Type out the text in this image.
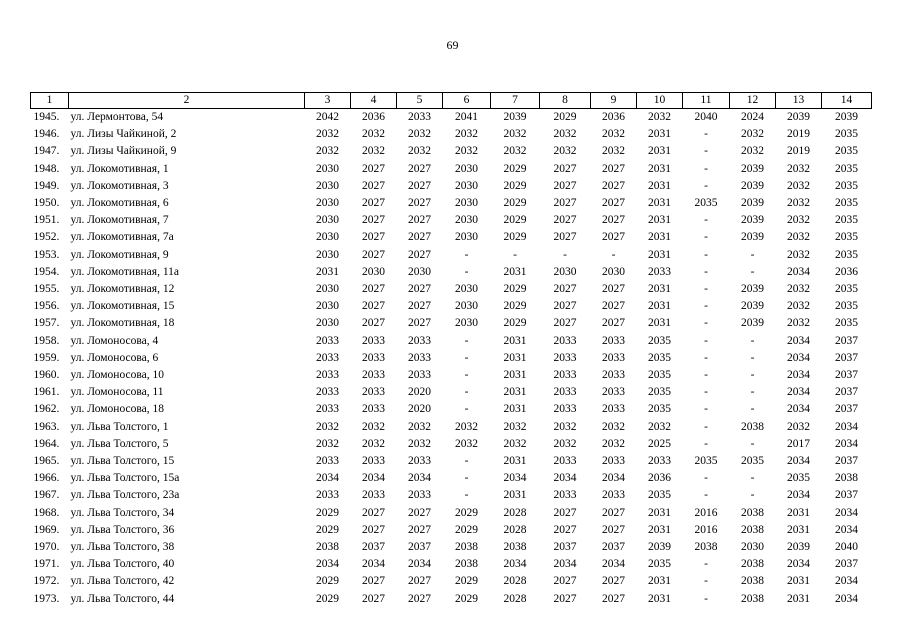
69
1	2	3	4	5	6	7	8	9	10	11	12	13	14
1945.	ул. Лермонтова, 54	2042	2036	2033	2041	2039	2029	2036	2032	2040	2024	2039	2039
1946.	ул. Лизы Чайкиной, 2	2032	2032	2032	2032	2032	2032	2032	2031	-	2032	2019	2035
1947.	ул. Лизы Чайкиной, 9	2032	2032	2032	2032	2032	2032	2032	2031	-	2032	2019	2035
1948.	ул. Локомотивная, 1	2030	2027	2027	2030	2029	2027	2027	2031	-	2039	2032	2035
1949.	ул. Локомотивная, 3	2030	2027	2027	2030	2029	2027	2027	2031	-	2039	2032	2035
1950.	ул. Локомотивная, 6	2030	2027	2027	2030	2029	2027	2027	2031	2035	2039	2032	2035
1951.	ул. Локомотивная, 7	2030	2027	2027	2030	2029	2027	2027	2031	-	2039	2032	2035
1952.	ул. Локомотивная, 7а	2030	2027	2027	2030	2029	2027	2027	2031	-	2039	2032	2035
1953.	ул. Локомотивная, 9	2030	2027	2027	-	-	-	-	2031	-	-	2032	2035
1954.	ул. Локомотивная, 11а	2031	2030	2030	-	2031	2030	2030	2033	-	-	2034	2036
1955.	ул. Локомотивная, 12	2030	2027	2027	2030	2029	2027	2027	2031	-	2039	2032	2035
1956.	ул. Локомотивная, 15	2030	2027	2027	2030	2029	2027	2027	2031	-	2039	2032	2035
1957.	ул. Локомотивная, 18	2030	2027	2027	2030	2029	2027	2027	2031	-	2039	2032	2035
1958.	ул. Ломоносова, 4	2033	2033	2033	-	2031	2033	2033	2035	-	-	2034	2037
1959.	ул. Ломоносова, 6	2033	2033	2033	-	2031	2033	2033	2035	-	-	2034	2037
1960.	ул. Ломоносова, 10	2033	2033	2033	-	2031	2033	2033	2035	-	-	2034	2037
1961.	ул. Ломоносова, 11	2033	2033	2020	-	2031	2033	2033	2035	-	-	2034	2037
1962.	ул. Ломоносова, 18	2033	2033	2020	-	2031	2033	2033	2035	-	-	2034	2037
1963.	ул. Льва Толстого, 1	2032	2032	2032	2032	2032	2032	2032	2032	-	2038	2032	2034
1964.	ул. Льва Толстого, 5	2032	2032	2032	2032	2032	2032	2032	2025	-	-	2017	2034
1965.	ул. Льва Толстого, 15	2033	2033	2033	-	2031	2033	2033	2033	2035	2035	2034	2037
1966.	ул. Льва Толстого, 15а	2034	2034	2034	-	2034	2034	2034	2036	-	-	2035	2038
1967.	ул. Льва Толстого, 23а	2033	2033	2033	-	2031	2033	2033	2035	-	-	2034	2037
1968.	ул. Льва Толстого, 34	2029	2027	2027	2029	2028	2027	2027	2031	2016	2038	2031	2034
1969.	ул. Льва Толстого, 36	2029	2027	2027	2029	2028	2027	2027	2031	2016	2038	2031	2034
1970.	ул. Льва Толстого, 38	2038	2037	2037	2038	2038	2037	2037	2039	2038	2030	2039	2040
1971.	ул. Льва Толстого, 40	2034	2034	2034	2038	2034	2034	2034	2035	-	2038	2034	2037
1972.	ул. Льва Толстого, 42	2029	2027	2027	2029	2028	2027	2027	2031	-	2038	2031	2034
1973.	ул. Льва Толстого, 44	2029	2027	2027	2029	2028	2027	2027	2031	-	2038	2031	2034
